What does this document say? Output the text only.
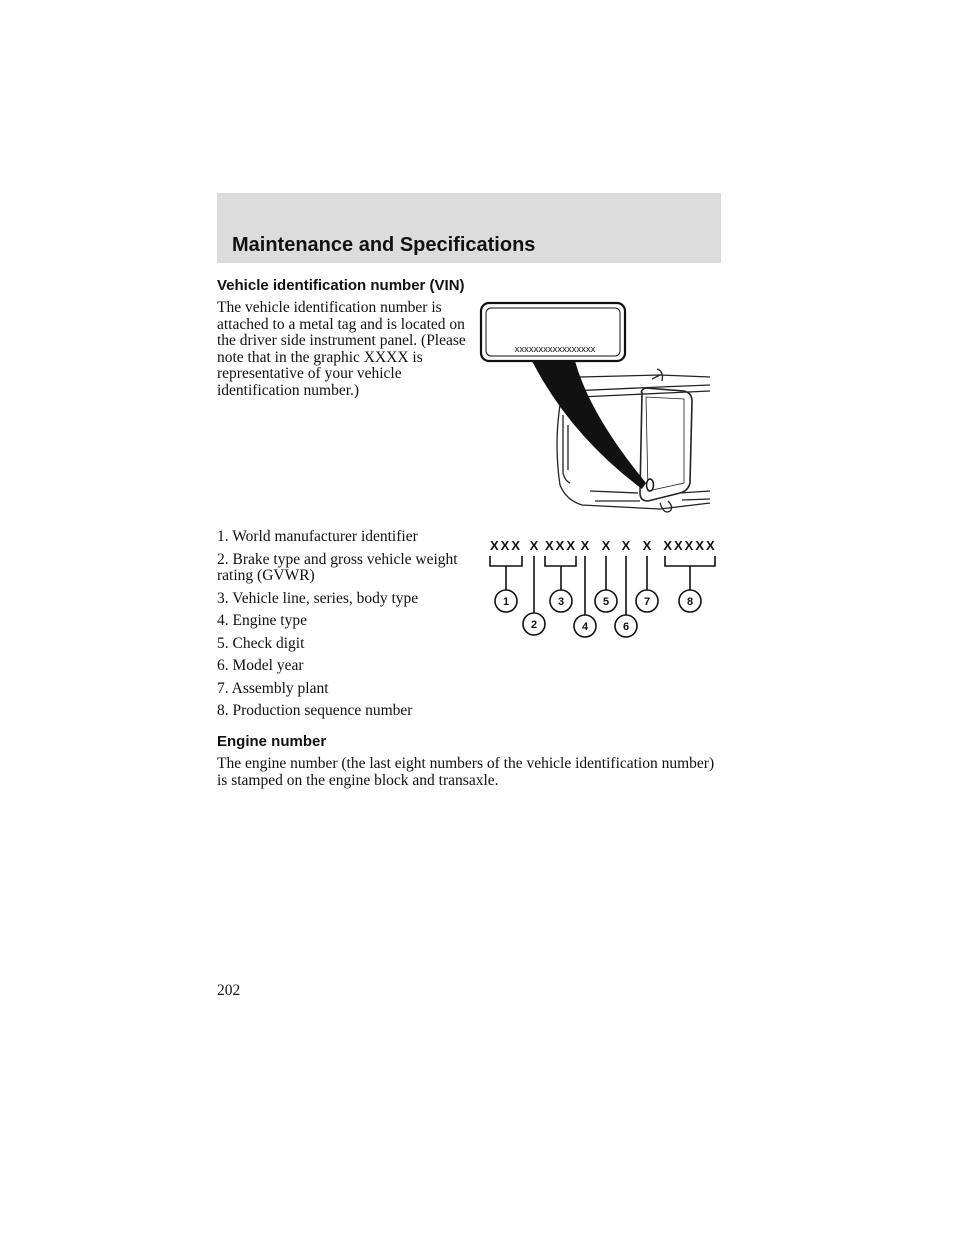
Maintenance and Specifications
Vehicle identification number (VIN)
The vehicle identification number is attached to a metal tag and is located on the driver side instrument panel. (Please note that in the graphic XXXX is representative of your vehicle identification number.)
xxxxxxxxxxxxxxxxx
1. World manufacturer identifier
2. Brake type and gross vehicle weight rating (GVWR)
3. Vehicle line, series, body type
4. Engine type
5. Check digit
6. Model year
7. Assembly plant
8. Production sequence number
XXX X XXX X X X X XXXXX
1
2
3
4
5
6
7	8
Engine number
The engine number (the last eight numbers of the vehicle identification number) is stamped on the engine block and transaxle.
202
